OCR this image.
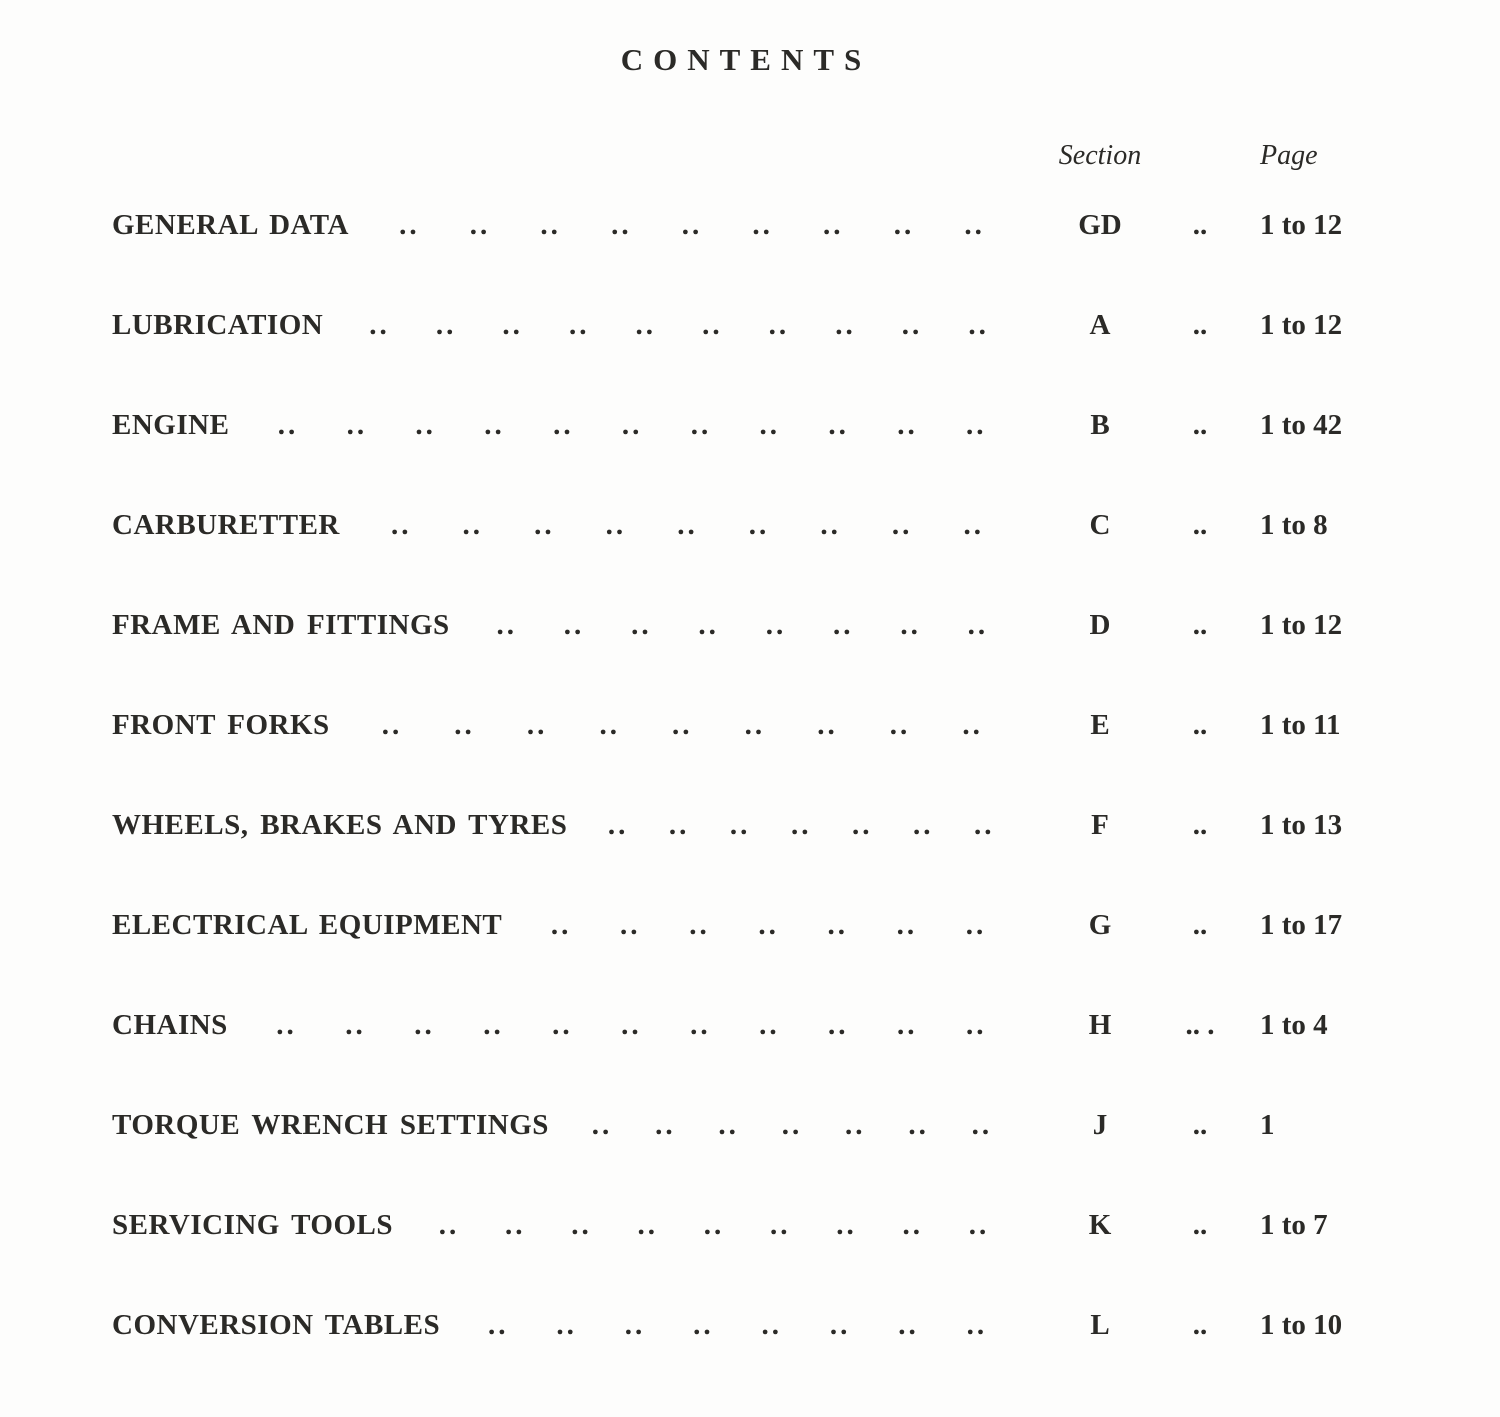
CONTENTS
Section	Page
GENERAL DATA .. .. .. .. .. .. .. .. ..	GD	..	1 to 12
LUBRICATION .. .. .. .. .. .. .. .. .. ..	A	..	1 to 12
ENGINE .. .. .. .. .. .. .. .. .. .. ..	B	..	1 to 42
CARBURETTER .. .. .. .. .. .. .. .. ..	C	..	1 to 8
FRAME AND FITTINGS .. .. .. .. .. .. .. ..	D	..	1 to 12
FRONT FORKS .. .. .. .. .. .. .. .. ..	E	..	1 to 11
WHEELS, BRAKES AND TYRES .. .. .. .. .. .. ..	F	..	1 to 13
ELECTRICAL EQUIPMENT .. .. .. .. .. .. ..	G	..	1 to 17
CHAINS .. .. .. .. .. .. .. .. .. .. ..	H	.. .	1 to 4
TORQUE WRENCH SETTINGS .. .. .. .. .. .. ..	J	..	1
SERVICING TOOLS .. .. .. .. .. .. .. .. ..	K	..	1 to 7
CONVERSION TABLES .. .. .. .. .. .. .. ..	L	..	1 to 10
